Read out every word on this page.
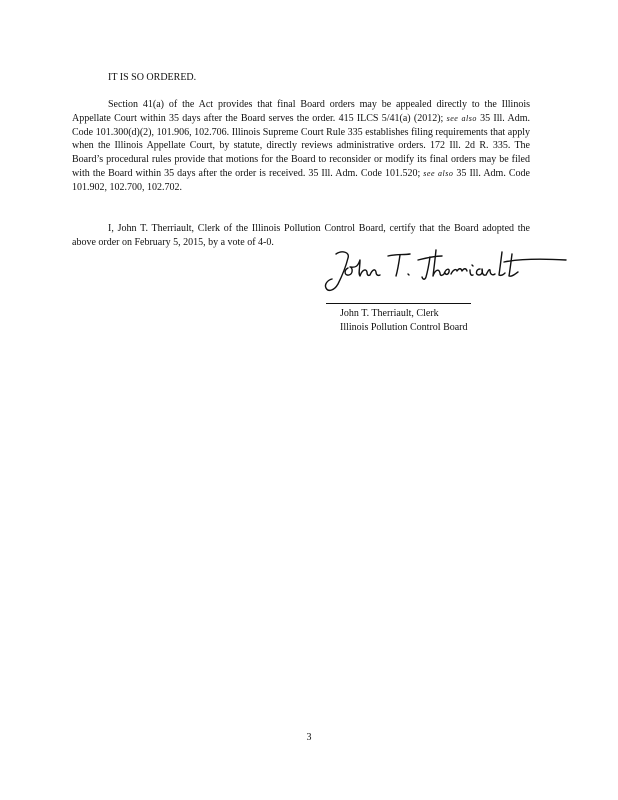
IT IS SO ORDERED.
Section 41(a) of the Act provides that final Board orders may be appealed directly to the Illinois Appellate Court within 35 days after the Board serves the order. 415 ILCS 5/41(a) (2012); see also 35 Ill. Adm. Code 101.300(d)(2), 101.906, 102.706. Illinois Supreme Court Rule 335 establishes filing requirements that apply when the Illinois Appellate Court, by statute, directly reviews administrative orders. 172 Ill. 2d R. 335. The Board’s procedural rules provide that motions for the Board to reconsider or modify its final orders may be filed with the Board within 35 days after the order is received. 35 Ill. Adm. Code 101.520; see also 35 Ill. Adm. Code 101.902, 102.700, 102.702.
I, John T. Therriault, Clerk of the Illinois Pollution Control Board, certify that the Board adopted the above order on February 5, 2015, by a vote of 4-0.
John T. Therriault, Clerk
Illinois Pollution Control Board
3
